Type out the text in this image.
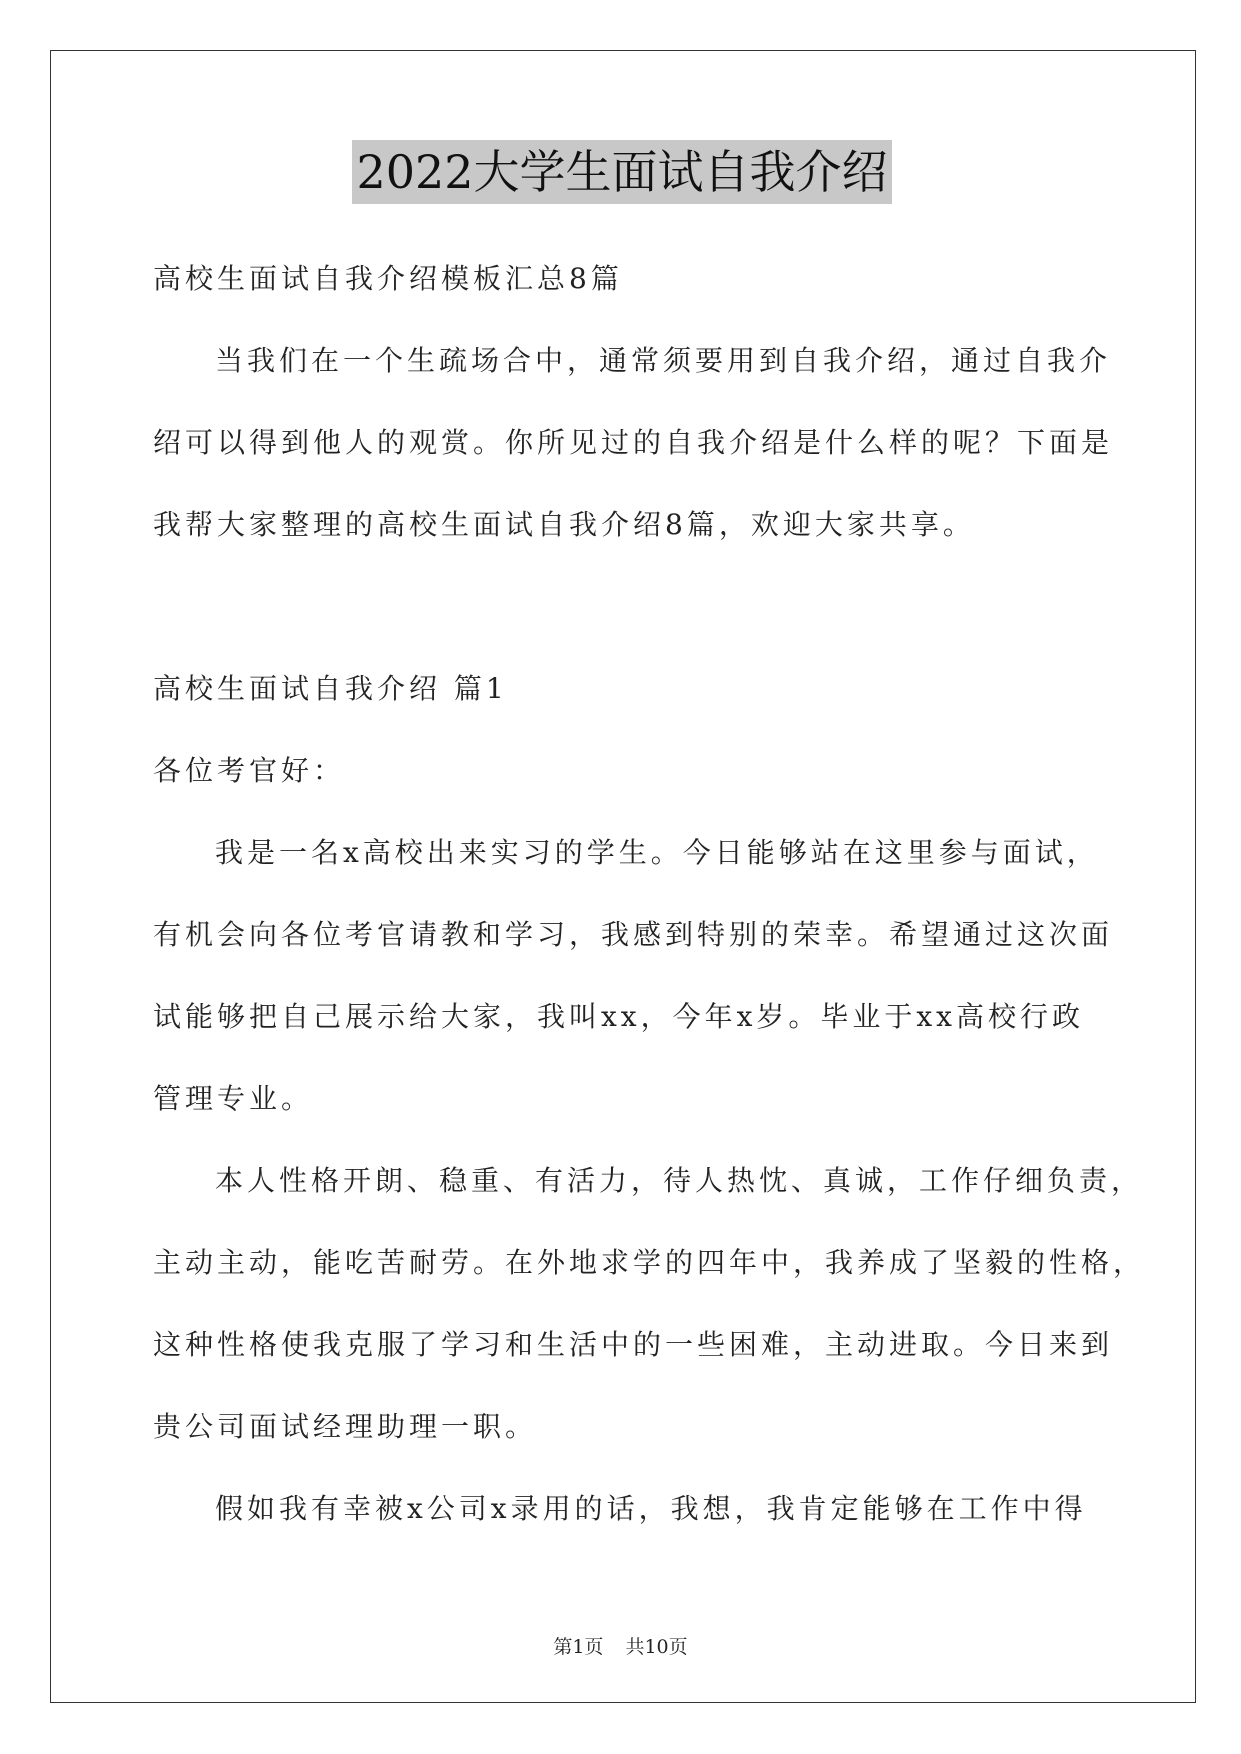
2022大学生面试自我介绍

高校生面试自我介绍模板汇总8篇

当我们在一个生疏场合中，通常须要用到自我介绍，通过自我介

绍可以得到他人的观赏。你所见过的自我介绍是什么样的呢？下面是

我帮大家整理的高校生面试自我介绍8篇，欢迎大家共享。

高校生面试自我介绍 篇1

各位考官好：

我是一名x高校出来实习的学生。今日能够站在这里参与面试，

有机会向各位考官请教和学习，我感到特别的荣幸。希望通过这次面

试能够把自己展示给大家，我叫xx，今年x岁。毕业于xx高校行政

管理专业。

本人性格开朗、稳重、有活力，待人热忱、真诚，工作仔细负责，

主动主动，能吃苦耐劳。在外地求学的四年中，我养成了坚毅的性格，

这种性格使我克服了学习和生活中的一些困难，主动进取。今日来到

贵公司面试经理助理一职。

假如我有幸被x公司x录用的话，我想，我肯定能够在工作中得

第1页 共10页
